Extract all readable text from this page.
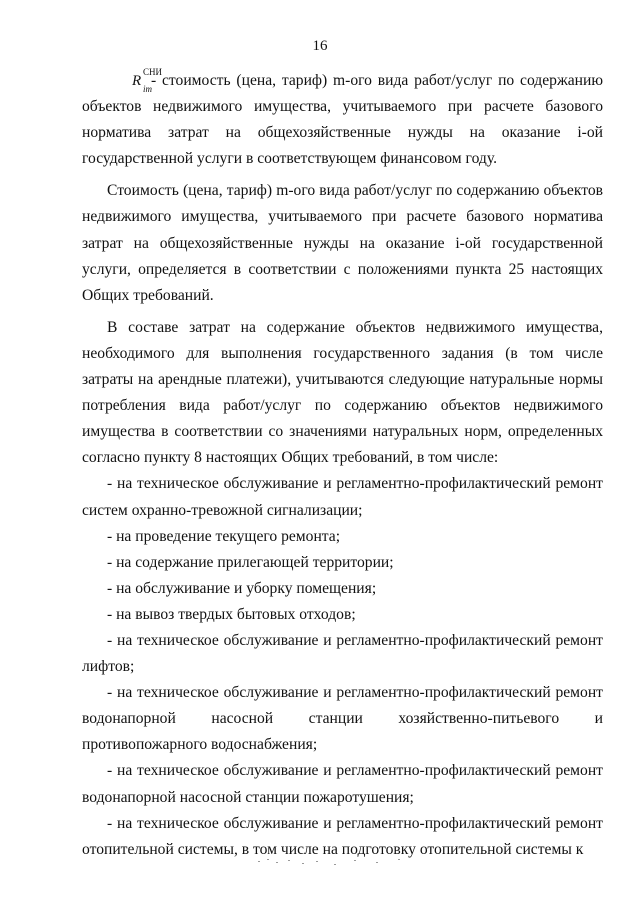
16

R
СНИ
im - стоимость (цена, тариф) m-ого вида работ/услуг по содержанию объектов недвижимого имущества, учитываемого при расчете базового норматива затрат на общехозяйственные нужды на оказание i-ой государственной услуги в соответствующем финансовом году.

Стоимость (цена, тариф) m-ого вида работ/услуг по содержанию объектов недвижимого имущества, учитываемого при расчете базового норматива затрат на общехозяйственные нужды на оказание i-ой государственной услуги, определяется в соответствии с положениями пункта 25 настоящих Общих требований.

В составе затрат на содержание объектов недвижимого имущества, необходимого для выполнения государственного задания (в том числе затраты на арендные платежи), учитываются следующие натуральные нормы потребления вида работ/услуг по содержанию объектов недвижимого имущества в соответствии со значениями натуральных норм, определенных согласно пункту 8 настоящих Общих требований, в том числе:

- на техническое обслуживание и регламентно-профилактический ремонт систем охранно-тревожной сигнализации;

- на проведение текущего ремонта;

- на содержание прилегающей территории;

- на обслуживание и уборку помещения;

- на вывоз твердых бытовых отходов;

- на техническое обслуживание и регламентно-профилактический ремонт лифтов;

- на техническое обслуживание и регламентно-профилактический ремонт водонапорной насосной станции хозяйственно-питьевого и противопожарного водоснабжения;

- на техническое обслуживание и регламентно-профилактический ремонт водонапорной насосной станции пожаротушения;

- на техническое обслуживание и регламентно-профилактический ремонт отопительной системы, в том числе на подготовку отопительной системы к
